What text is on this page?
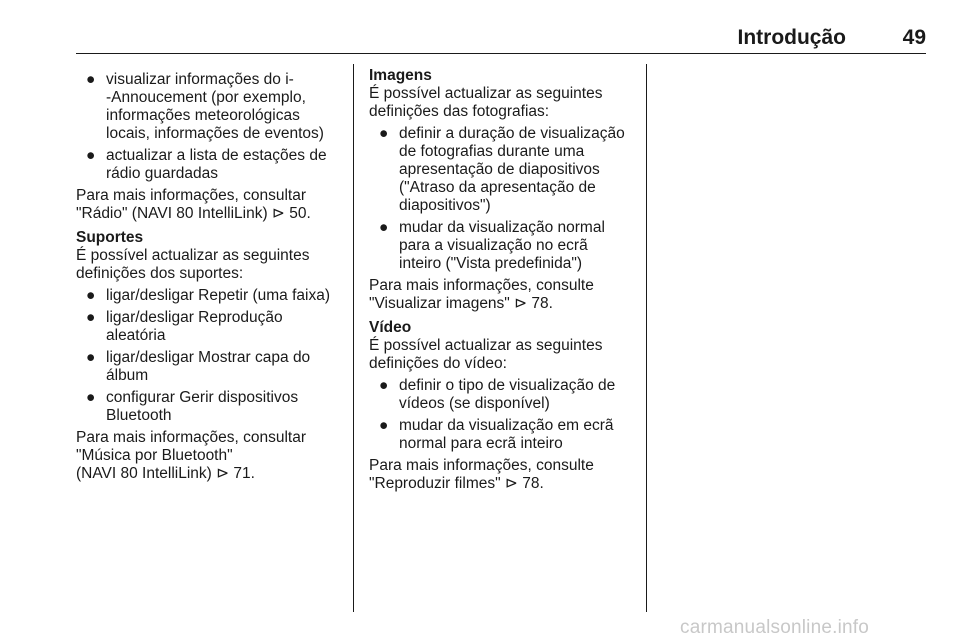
Introdução	49
● visualizar informações do i-
-Annoucement (por exemplo,
informações meteorológicas
locais, informações de eventos)
● actualizar a lista de estações de
rádio guardadas
Para mais informações, consultar
"Rádio" (NAVI 80 IntelliLink) ⊳ 50.
Suportes
É possível actualizar as seguintes
definições dos suportes:
● ligar/desligar Repetir (uma faixa)
● ligar/desligar Reprodução
aleatória
● ligar/desligar Mostrar capa do
álbum
● configurar Gerir dispositivos
Bluetooth
Para mais informações, consultar
"Música por Bluetooth"
(NAVI 80 IntelliLink) ⊳ 71.
Imagens
É possível actualizar as seguintes
definições das fotografias:
● definir a duração de visualização
de fotografias durante uma
apresentação de diapositivos
("Atraso da apresentação de
diapositivos")
● mudar da visualização normal
para a visualização no ecrã
inteiro ("Vista predefinida")
Para mais informações, consulte
"Visualizar imagens" ⊳ 78.
Vídeo
É possível actualizar as seguintes
definições do vídeo:
● definir o tipo de visualização de
vídeos (se disponível)
● mudar da visualização em ecrã
normal para ecrã inteiro
Para mais informações, consulte
"Reproduzir filmes" ⊳ 78.
carmanualsonline.info
